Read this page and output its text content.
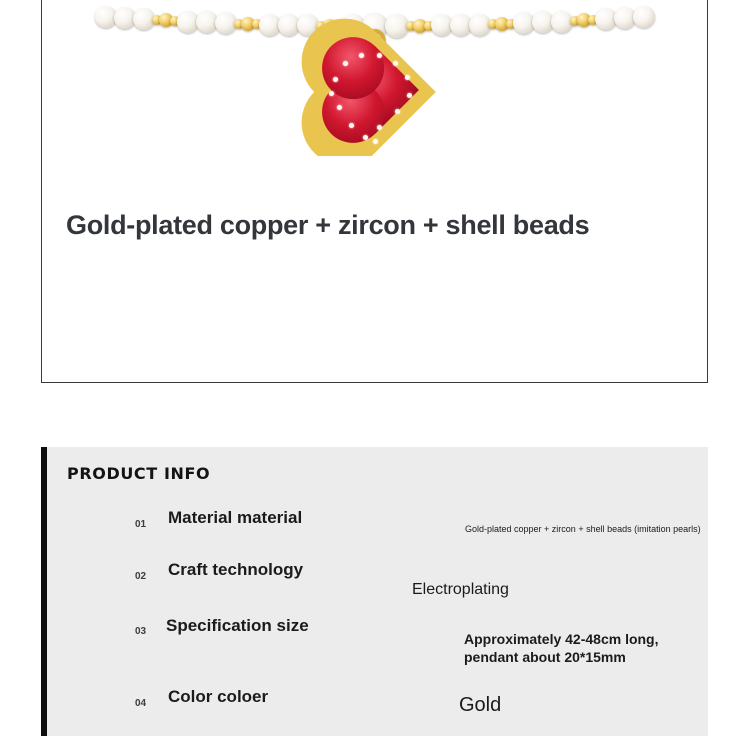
Gold-plated copper + zircon + shell beads
PRODUCT INFO
01 Material material
Gold-plated copper + zircon + shell beads (imitation pearls)
02 Craft technology
Electroplating
03 Specification size
Approximately 42-48cm long, pendant about 20*15mm
04 Color coloer	Gold
